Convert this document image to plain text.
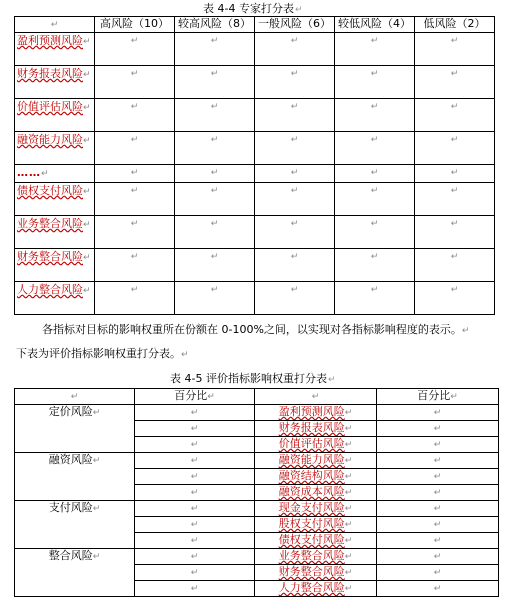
表 4-4 专家打分表↵
↵	高风险（10）	较高风险（8）	一般风险（6）	较低风险（4）	低风险（2）
盈利预测风险↵	↵	↵	↵	↵	↵
财务报表风险↵	↵	↵	↵	↵	↵
价值评估风险↵	↵	↵	↵	↵	↵
融资能力风险↵	↵	↵	↵	↵	↵
……↵	↵	↵	↵	↵	↵
债权支付风险↵	↵	↵	↵	↵	↵
业务整合风险↵	↵	↵	↵	↵	↵
财务整合风险↵	↵	↵	↵	↵	↵
人力整合风险↵	↵	↵	↵	↵	↵
各指标对目标的影响权重所在份额在 0-100%之间，以实现对各指标影响程度的表示。↵
下表为评价指标影响权重打分表。↵
表 4-5 评价指标影响权重打分表↵
↵	百分比↵	↵	百分比↵
定价风险↵	↵	盈利预测风险↵	↵
	↵	财务报表风险↵	↵
	↵	价值评估风险↵	↵
融资风险↵	↵	融资能力风险↵	↵
	↵	融资结构风险↵	↵
	↵	融资成本风险↵	↵
支付风险↵	↵	现金支付风险↵	↵
	↵	股权支付风险↵	↵
	↵	债权支付风险↵	↵
整合风险↵	↵	业务整合风险↵	↵
	↵	财务整合风险↵	↵
	↵	人力整合风险↵	↵
